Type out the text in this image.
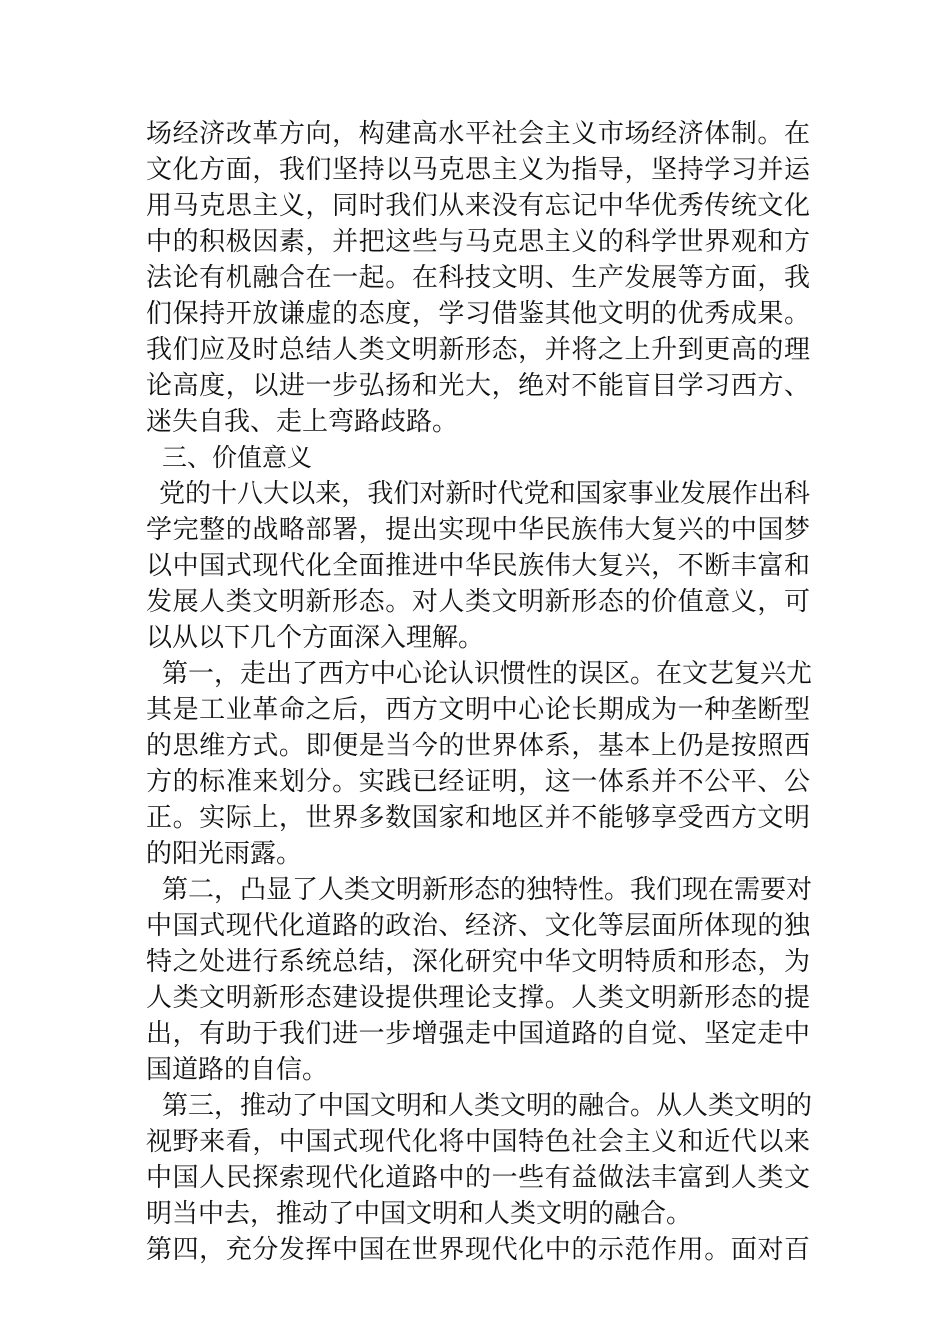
场经济改革方向，构建高水平社会主义市场经济体制。在
文化方面，我们坚持以马克思主义为指导，坚持学习并运
用马克思主义，同时我们从来没有忘记中华优秀传统文化
中的积极因素，并把这些与马克思主义的科学世界观和方
法论有机融合在一起。在科技文明、生产发展等方面，我
们保持开放谦虚的态度，学习借鉴其他文明的优秀成果。
我们应及时总结人类文明新形态，并将之上升到更高的理
论高度，以进一步弘扬和光大，绝对不能盲目学习西方、
迷失自我、走上弯路歧路。
三、价值意义
党的十八大以来，我们对新时代党和国家事业发展作出科
学完整的战略部署，提出实现中华民族伟大复兴的中国梦
以中国式现代化全面推进中华民族伟大复兴，不断丰富和
发展人类文明新形态。对人类文明新形态的价值意义，可
以从以下几个方面深入理解。
第一，走出了西方中心论认识惯性的误区。在文艺复兴尤
其是工业革命之后，西方文明中心论长期成为一种垄断型
的思维方式。即便是当今的世界体系，基本上仍是按照西
方的标准来划分。实践已经证明，这一体系并不公平、公
正。实际上，世界多数国家和地区并不能够享受西方文明
的阳光雨露。
第二，凸显了人类文明新形态的独特性。我们现在需要对
中国式现代化道路的政治、经济、文化等层面所体现的独
特之处进行系统总结，深化研究中华文明特质和形态，为
人类文明新形态建设提供理论支撑。人类文明新形态的提
出，有助于我们进一步增强走中国道路的自觉、坚定走中
国道路的自信。
第三，推动了中国文明和人类文明的融合。从人类文明的
视野来看，中国式现代化将中国特色社会主义和近代以来
中国人民探索现代化道路中的一些有益做法丰富到人类文
明当中去，推动了中国文明和人类文明的融合。
第四，充分发挥中国在世界现代化中的示范作用。面对百
